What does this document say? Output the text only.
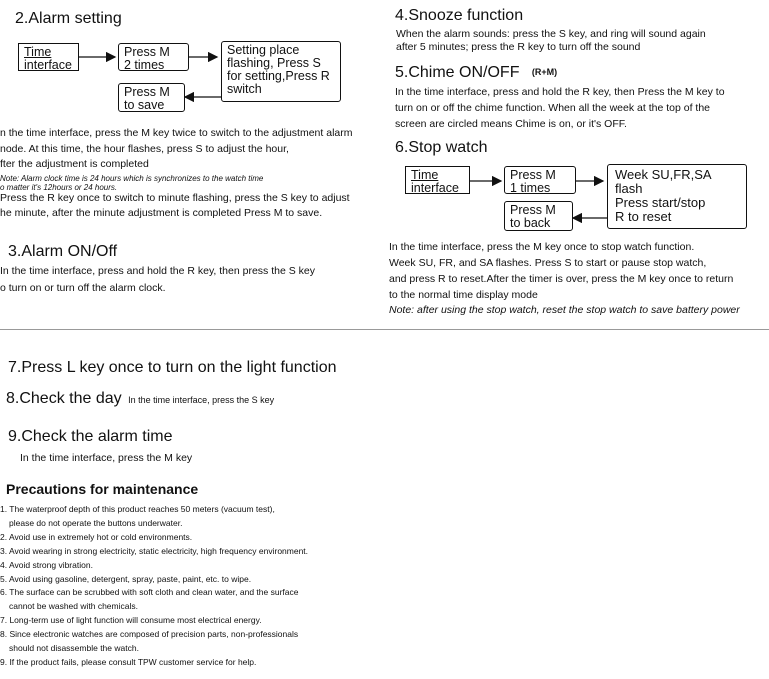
2.Alarm setting
Time
interface
Press M
2 times
Setting place
flashing, Press S
for setting,Press R
switch
Press M
to save
n the time interface, press the M key twice to switch to the adjustment alarm
node. At this time, the hour flashes, press S to adjust the hour,
fter the adjustment is completed
Note: Alarm clock time is 24 hours which is synchronizes to the watch time
o matter it's 12hours or 24 hours.
Press the R key once to switch to minute flashing, press the S key to adjust
he minute, after the minute adjustment is completed Press M to save.
3.Alarm ON/Off
In the time interface, press and hold the R key, then press the S key
o turn on or turn off the alarm clock.
4.Snooze function
When the alarm sounds: press the S key, and ring will sound again
after 5 minutes; press the R key to turn off the sound
5.Chime ON/OFF (R+M)
In the time interface, press and hold the R key, then Press the M key to
turn on or off the chime function. When all the week at the top of the
screen are circled means Chime is on, or it's OFF.
6.Stop watch
Time
interface
Press M
1 times
Week SU,FR,SA
flash
Press start/stop
R to reset
Press M
to back
In the time interface, press the M key once to stop watch function.
Week SU, FR, and SA flashes. Press S to start or pause stop watch,
and press R to reset.After the timer is over, press the M key once to return
to the normal time display mode
Note: after using the stop watch, reset the stop watch to save battery power
7.Press L key once to turn on the light function
8.Check the day In the time interface, press the S key
9.Check the alarm time
In the time interface, press the M key
Precautions for maintenance
1. The waterproof depth of this product reaches 50 meters (vacuum test),
please do not operate the buttons underwater.
2. Avoid use in extremely hot or cold environments.
3. Avoid wearing in strong electricity, static electricity, high frequency environment.
4. Avoid strong vibration.
5. Avoid using gasoline, detergent, spray, paste, paint, etc. to wipe.
6. The surface can be scrubbed with soft cloth and clean water, and the surface
cannot be washed with chemicals.
7. Long-term use of light function will consume most electrical energy.
8. Since electronic watches are composed of precision parts, non-professionals
should not disassemble the watch.
9. If the product fails, please consult TPW customer service for help.
